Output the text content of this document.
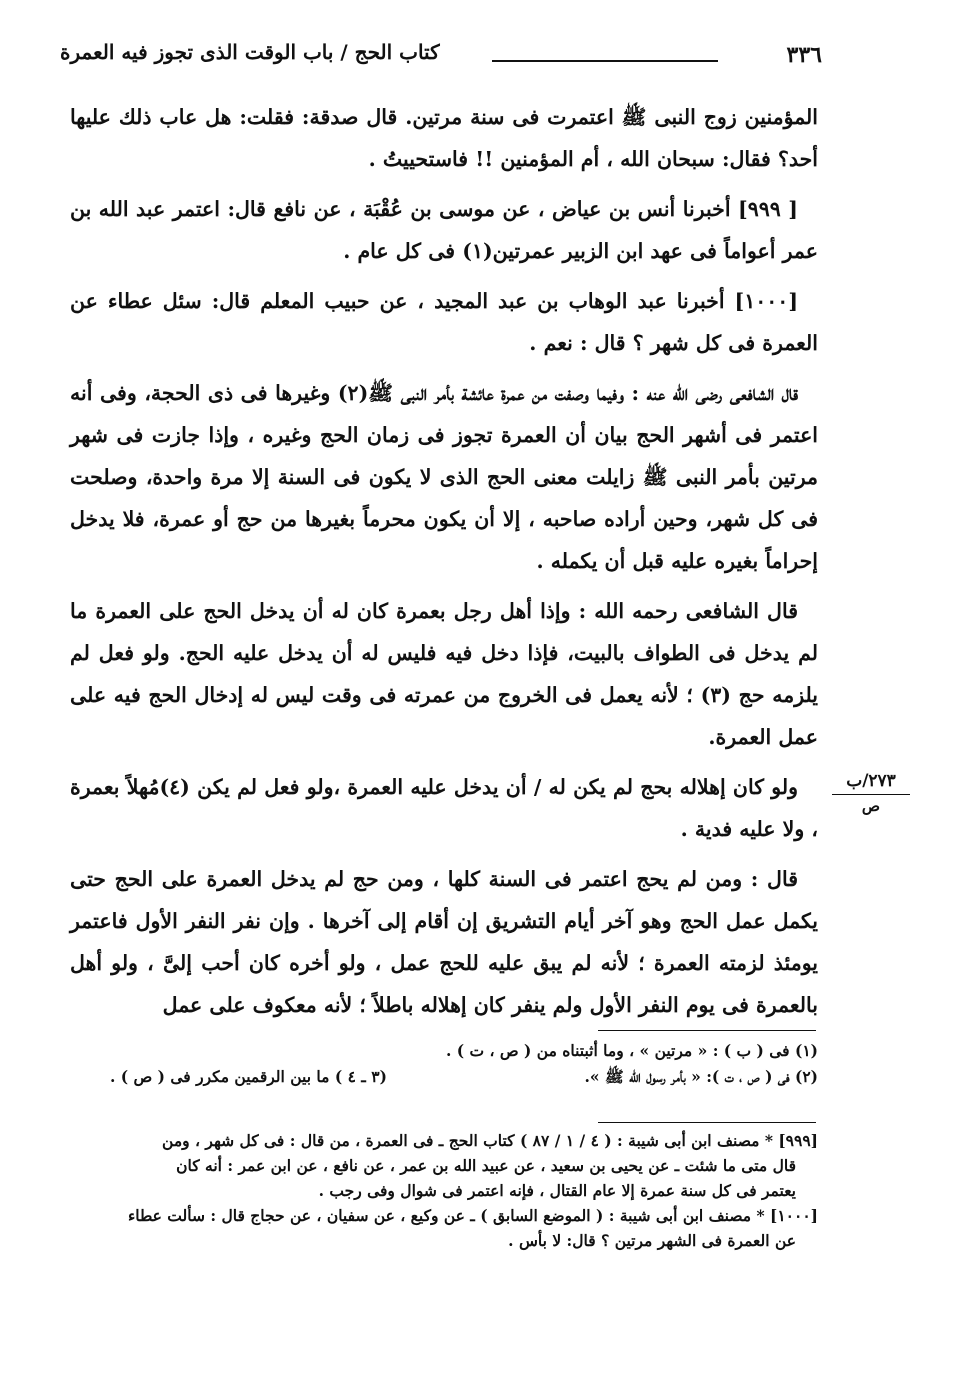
كتاب الحج / باب الوقت الذى تجوز فيه العمرة	٣٣٦

المؤمنين زوج النبى ﷺ اعتمرت فى سنة مرتين. قال صدقة: فقلت: هل عاب ذلك عليها أحد؟ فقال: سبحان الله ، أم المؤمنين !! فاستحييتُ .

[ ٩٩٩] أخبرنا أنس بن عياض ، عن موسى بن عُقْبَة ، عن نافع قال: اعتمر عبد الله بن عمر أعواماً فى عهد ابن الزبير عمرتين(١) فى كل عام .

[١٠٠٠] أخبرنا عبد الوهاب بن عبد المجيد ، عن حبيب المعلم قال: سئل عطاء عن العمرة فى كل شهر ؟ قال : نعم .

قال الشافعى رضى الله عنه : وفيما وصفت من عمرة عائشة بأمر النبى ﷺ(٢) وغيرها فى ذى الحجة، وفى أنه اعتمر فى أشهر الحج بيان أن العمرة تجوز فى زمان الحج وغيره ، وإذا جازت فى شهر مرتين بأمر النبى ﷺ زايلت معنى الحج الذى لا يكون فى السنة إلا مرة واحدة، وصلحت فى كل شهر، وحين أراده صاحبه ، إلا أن يكون محرماً بغيرها من حج أو عمرة، فلا يدخل إحراماً بغيره عليه قبل أن يكمله .

قال الشافعى رحمه الله : وإذا أهل رجل بعمرة كان له أن يدخل الحج على العمرة ما لم يدخل فى الطواف بالبيت، فإذا دخل فيه فليس له أن يدخل عليه الحج. ولو فعل لم يلزمه حج (٣) ؛ لأنه يعمل فى الخروج من عمرته فى وقت ليس له إدخال الحج فيه على عمل العمرة.

ولو كان إهلاله بحج لم يكن له / أن يدخل عليه العمرة ،ولو فعل لم يكن (٤)مُهلاً بعمرة ، ولا عليه فدية .

قال : ومن لم يحج اعتمر فى السنة كلها ، ومن حج لم يدخل العمرة على الحج حتى يكمل عمل الحج وهو آخر أيام التشريق إن أقام إلى آخرها . وإن نفر النفر الأول فاعتمر يومئذ لزمته العمرة ؛ لأنه لم يبق عليه للحج عمل ، ولو أخره كان أحب إلىَّ ، ولو أهل بالعمرة فى يوم النفر الأول ولم ينفر كان إهلاله باطلاً ؛ لأنه معكوف على عمل

٢٧٣/ب
ص
(١) فى ( ب ) : « مرتين » ، وما أثبتناه من ( ص ، ت ) .
(٢) فى ( ص ، ت ): « بأمر رسول الله ﷺ ».
(٣ ـ ٤ ) ما بين الرقمين مكرر فى ( ص ) .
[٩٩٩] * مصنف ابن أبى شيبة : ( ٤ / ١ / ٨٧ ) كتاب الحج ـ فى العمرة ، من قال : فى كل شهر ، ومن
قال متى ما شئت ـ عن يحيى بن سعيد ، عن عبيد الله بن عمر ، عن نافع ، عن ابن عمر : أنه كان
يعتمر فى كل سنة عمرة إلا عام القتال ، فإنه اعتمر فى شوال وفى رجب .
[١٠٠٠] * مصنف ابن أبى شيبة : ( الموضع السابق ) ـ عن وكيع ، عن سفيان ، عن حجاج قال : سألت عطاء
عن العمرة فى الشهر مرتين ؟ قال: لا بأس .
